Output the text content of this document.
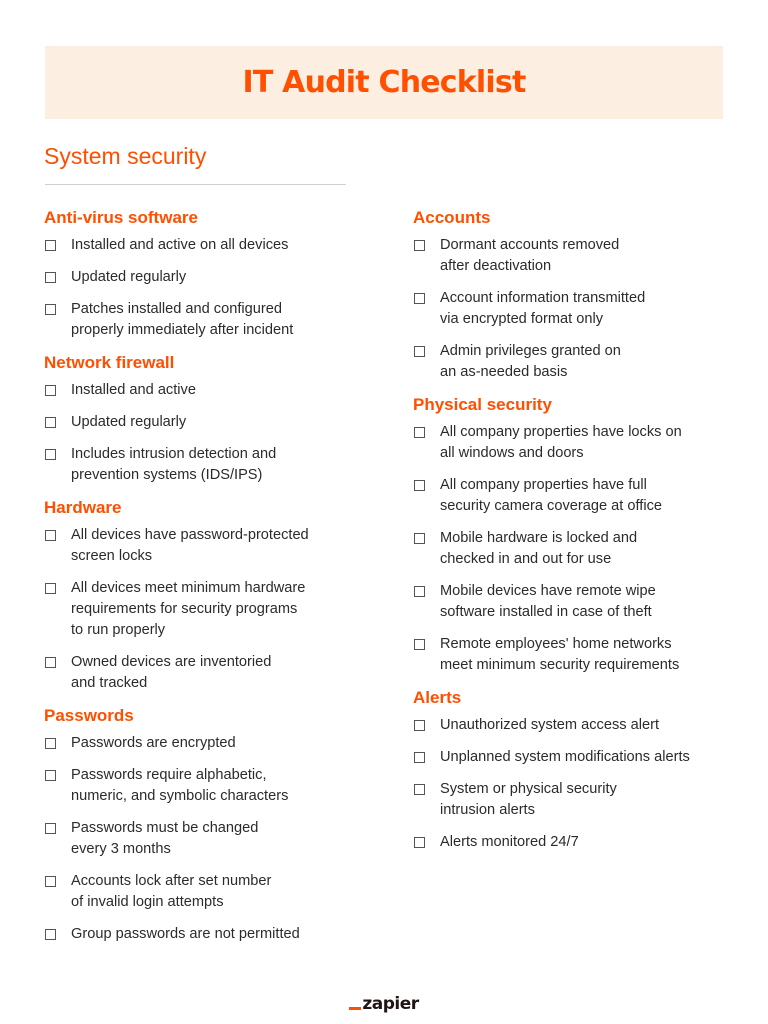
IT Audit Checklist
System security
Anti-virus software
Installed and active on all devices
Updated regularly
Patches installed and configured
properly immediately after incident
Network firewall
Installed and active
Updated regularly
Includes intrusion detection and
prevention systems (IDS/IPS)
Hardware
All devices have password-protected
screen locks
All devices meet minimum hardware
requirements for security programs
to run properly
Owned devices are inventoried
and tracked
Passwords
Passwords are encrypted
Passwords require alphabetic,
numeric, and symbolic characters
Passwords must be changed
every 3 months
Accounts lock after set number
of invalid login attempts
Group passwords are not permitted
Accounts
Dormant accounts removed
after deactivation
Account information transmitted
via encrypted format only
Admin privileges granted on
an as-needed basis
Physical security
All company properties have locks on
all windows and doors
All company properties have full
security camera coverage at office
Mobile hardware is locked and
checked in and out for use
Mobile devices have remote wipe
software installed in case of theft
Remote employees' home networks
meet minimum security requirements
Alerts
Unauthorized system access alert
Unplanned system modifications alerts
System or physical security
intrusion alerts
Alerts monitored 24/7
zapier
